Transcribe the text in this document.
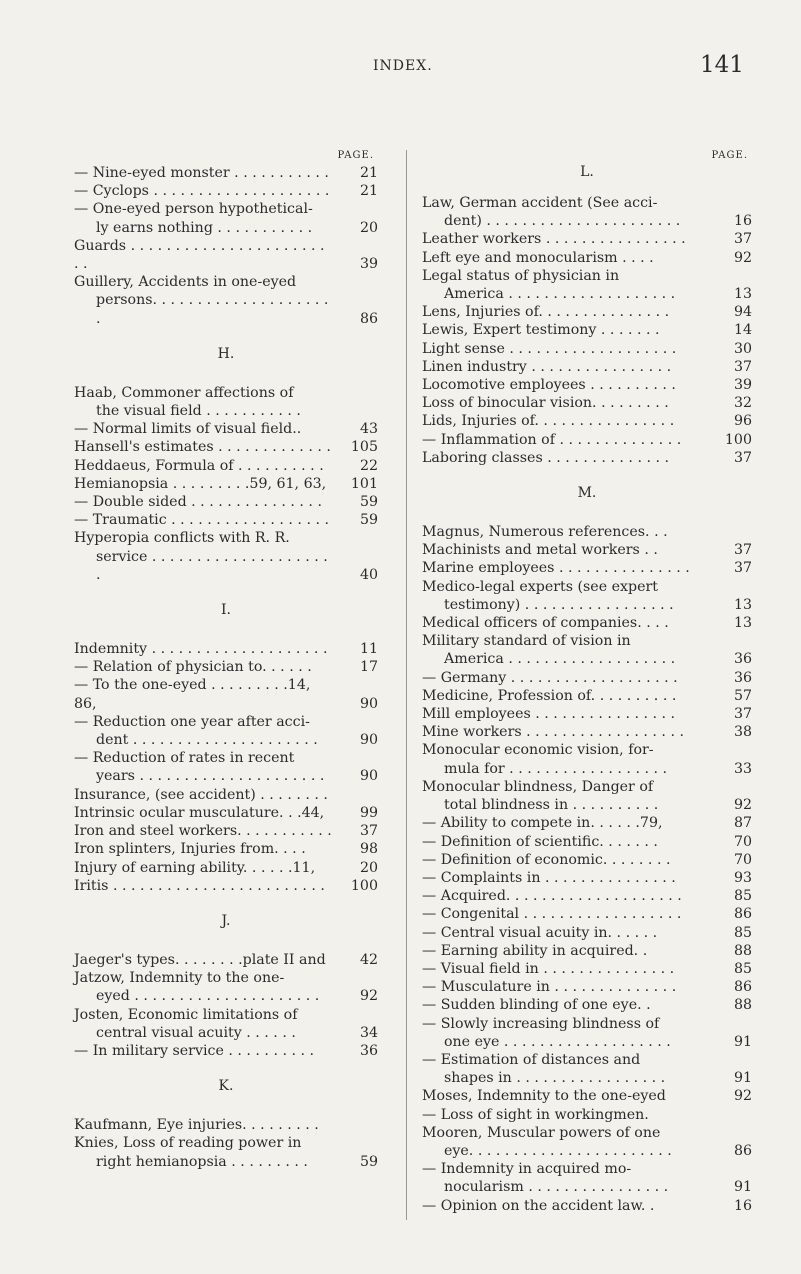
INDEX.	141
PAGE.
— Nine-eyed monster . . . . . . . . . . .	21
— Cyclops . . . . . . . . . . . . . . . . . . . .	21
— One-eyed person hypothetical-
ly earns nothing . . . . . . . . . . .	20
Guards . . . . . . . . . . . . . . . . . . . . . . . .	39
Guillery, Accidents in one-eyed
persons. . . . . . . . . . . . . . . . . . . . .	86
H.
Haab, Commoner affections of
the visual field . . . . . . . . . . .
— Normal limits of visual field..	43
Hansell's estimates . . . . . . . . . . . . .	105
Heddaeus, Formula of . . . . . . . . . .	22
Hemianopsia . . . . . . . . .59, 61, 63,	101
— Double sided . . . . . . . . . . . . . . .	59
— Traumatic . . . . . . . . . . . . . . . . . .	59
Hyperopia conflicts with R. R.
service . . . . . . . . . . . . . . . . . . . . .	40
I.
Indemnity . . . . . . . . . . . . . . . . . . . .	11
— Relation of physician to. . . . . .	17
— To the one-eyed . . . . . . . . .14, 86,	90
— Reduction one year after acci-
dent . . . . . . . . . . . . . . . . . . . . .	90
— Reduction of rates in recent
years . . . . . . . . . . . . . . . . . . . . .	90
Insurance, (see accident) . . . . . . . .
Intrinsic ocular musculature. . .44,	99
Iron and steel workers. . . . . . . . . . .	37
Iron splinters, Injuries from. . . .	98
Injury of earning ability. . . . . .11,	20
Iritis . . . . . . . . . . . . . . . . . . . . . . . .	100
J.
Jaeger's types. . . . . . . .plate II and	42
Jatzow, Indemnity to the one-
eyed . . . . . . . . . . . . . . . . . . . . .	92
Josten, Economic limitations of
central visual acuity . . . . . .	34
— In military service . . . . . . . . . .	36
K.
Kaufmann, Eye injuries. . . . . . . . .
Knies, Loss of reading power in
right hemianopsia . . . . . . . . .	59
PAGE.
L.
Law, German accident (See acci-
dent) . . . . . . . . . . . . . . . . . . . . . .	16
Leather workers . . . . . . . . . . . . . . . .	37
Left eye and monocularism . . . .	92
Legal status of physician in
America . . . . . . . . . . . . . . . . . . .	13
Lens, Injuries of. . . . . . . . . . . . . . .	94
Lewis, Expert testimony . . . . . . .	14
Light sense . . . . . . . . . . . . . . . . . . .	30
Linen industry . . . . . . . . . . . . . . . .	37
Locomotive employees . . . . . . . . . .	39
Loss of binocular vision. . . . . . . . .	32
Lids, Injuries of. . . . . . . . . . . . . . . .	96
— Inflammation of . . . . . . . . . . . . . .	100
Laboring classes . . . . . . . . . . . . . .	37
M.
Magnus, Numerous references. . .
Machinists and metal workers . .	37
Marine employees . . . . . . . . . . . . . . .	37
Medico-legal experts (see expert
testimony) . . . . . . . . . . . . . . . . .	13
Medical officers of companies. . . .	13
Military standard of vision in
America . . . . . . . . . . . . . . . . . . .	36
— Germany . . . . . . . . . . . . . . . . . . .	36
Medicine, Profession of. . . . . . . . . .	57
Mill employees . . . . . . . . . . . . . . . .	37
Mine workers . . . . . . . . . . . . . . . . . .	38
Monocular economic vision, for-
mula for . . . . . . . . . . . . . . . . . .	33
Monocular blindness, Danger of
total blindness in . . . . . . . . . .	92
— Ability to compete in. . . . . .79,	87
— Definition of scientific. . . . . . .	70
— Definition of economic. . . . . . . .	70
— Complaints in . . . . . . . . . . . . . . .	93
— Acquired. . . . . . . . . . . . . . . . . . . .	85
— Congenital . . . . . . . . . . . . . . . . . .	86
— Central visual acuity in. . . . . .	85
— Earning ability in acquired. .	88
— Visual field in . . . . . . . . . . . . . . .	85
— Musculature in . . . . . . . . . . . . . .	86
— Sudden blinding of one eye. .	88
— Slowly increasing blindness of
one eye . . . . . . . . . . . . . . . . . . .	91
— Estimation of distances and
shapes in . . . . . . . . . . . . . . . . .	91
Moses, Indemnity to the one-eyed	92
— Loss of sight in workingmen.
Mooren, Muscular powers of one
eye. . . . . . . . . . . . . . . . . . . . . . .	86
— Indemnity in acquired mo-
nocularism . . . . . . . . . . . . . . . .	91
— Opinion on the accident law. .	16
